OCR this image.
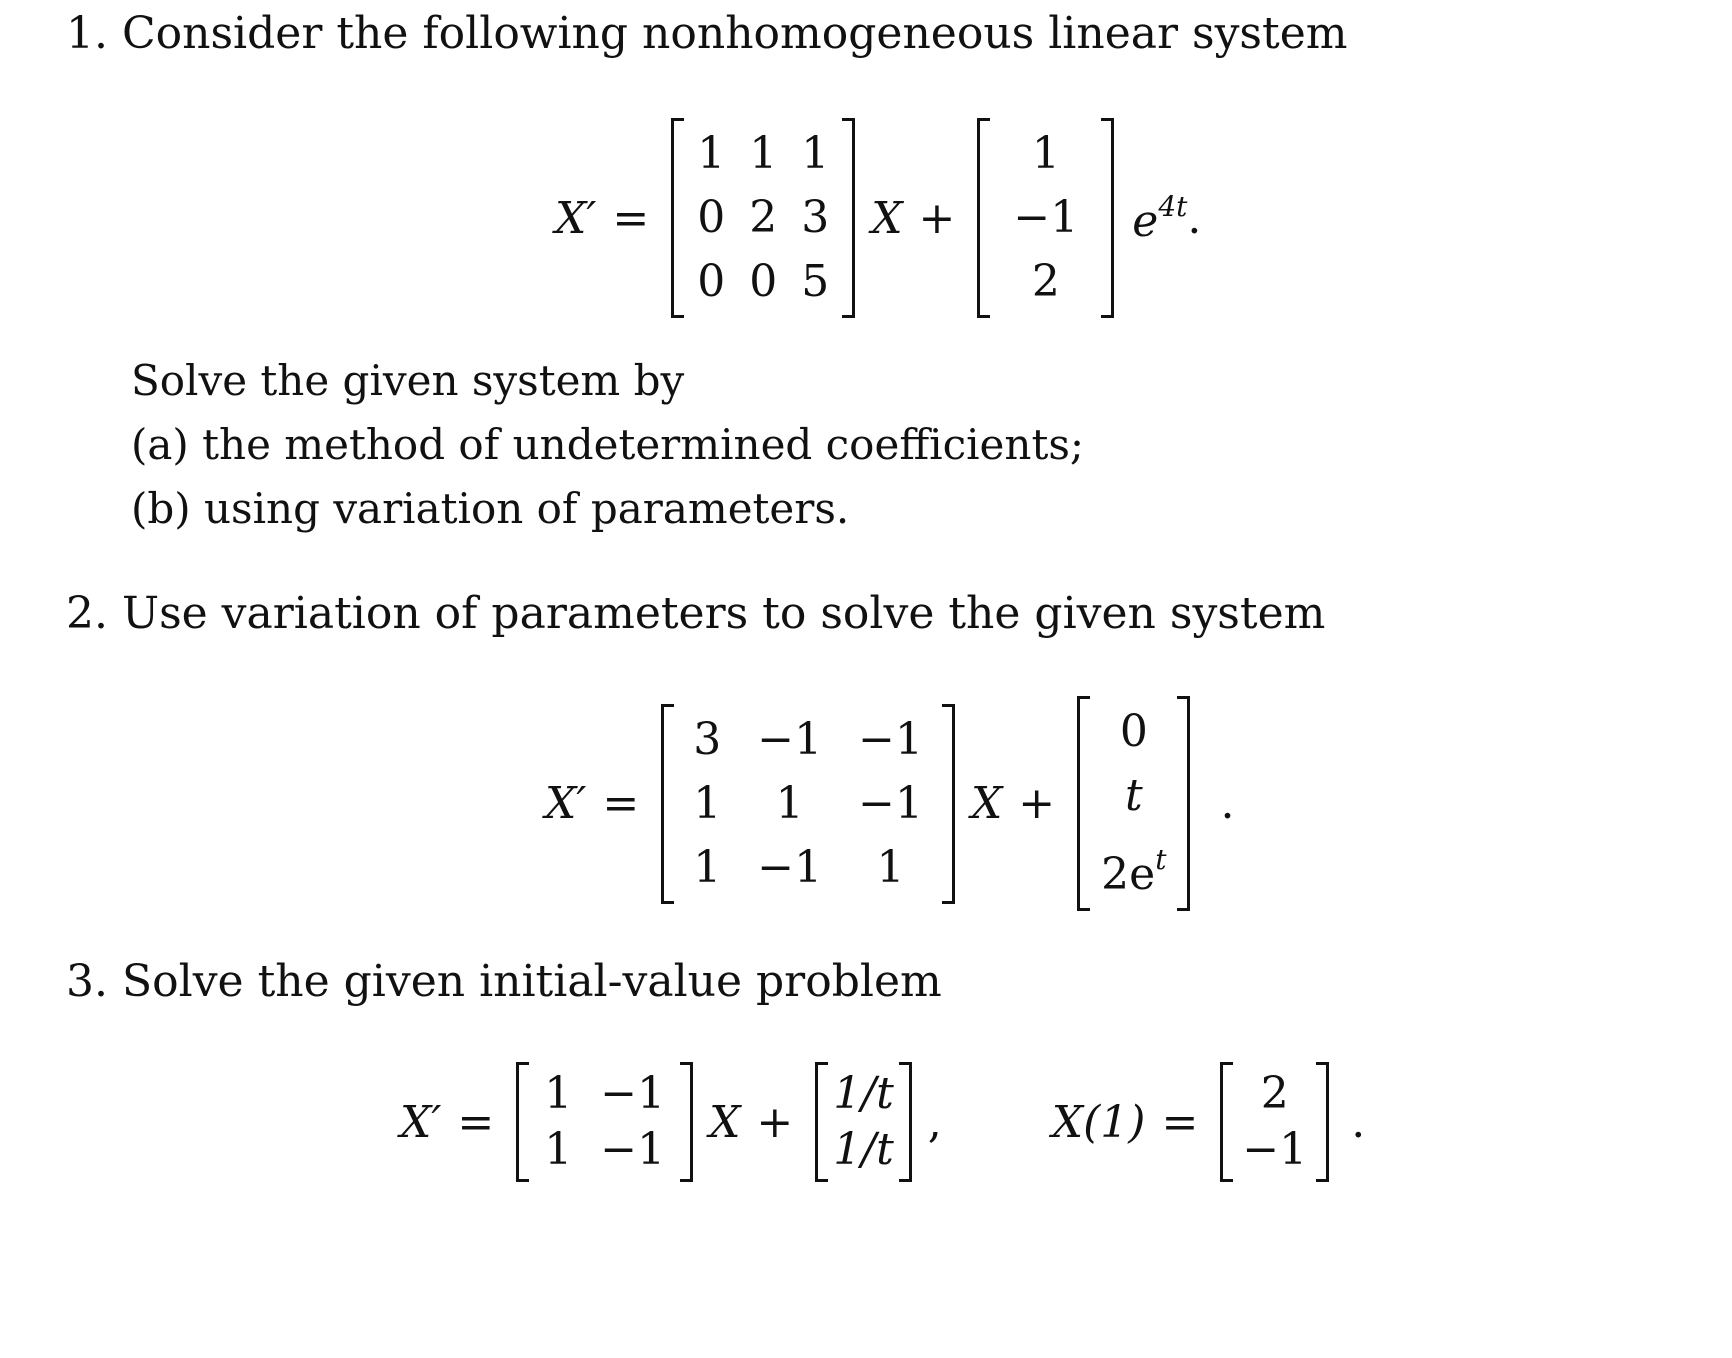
1. Consider the following nonhomogeneous linear system
X′ =
1 1 1
0 2 3
0 0 5
X +
1
−1
2
$e^{4t}$ .
Solve the given system by
(a) the method of undetermined coefficients;
(b) using variation of parameters.
2. Use variation of parameters to solve the given system
X′ =
3 −1 −1
1	1	−1
1 −1	1
X +
0
t
$2e^t$
.
3. Solve the given initial-value problem
X′ =
1 −1
1 −1
X +
1/t
1/t
,	X(1) =
2
−1
.
